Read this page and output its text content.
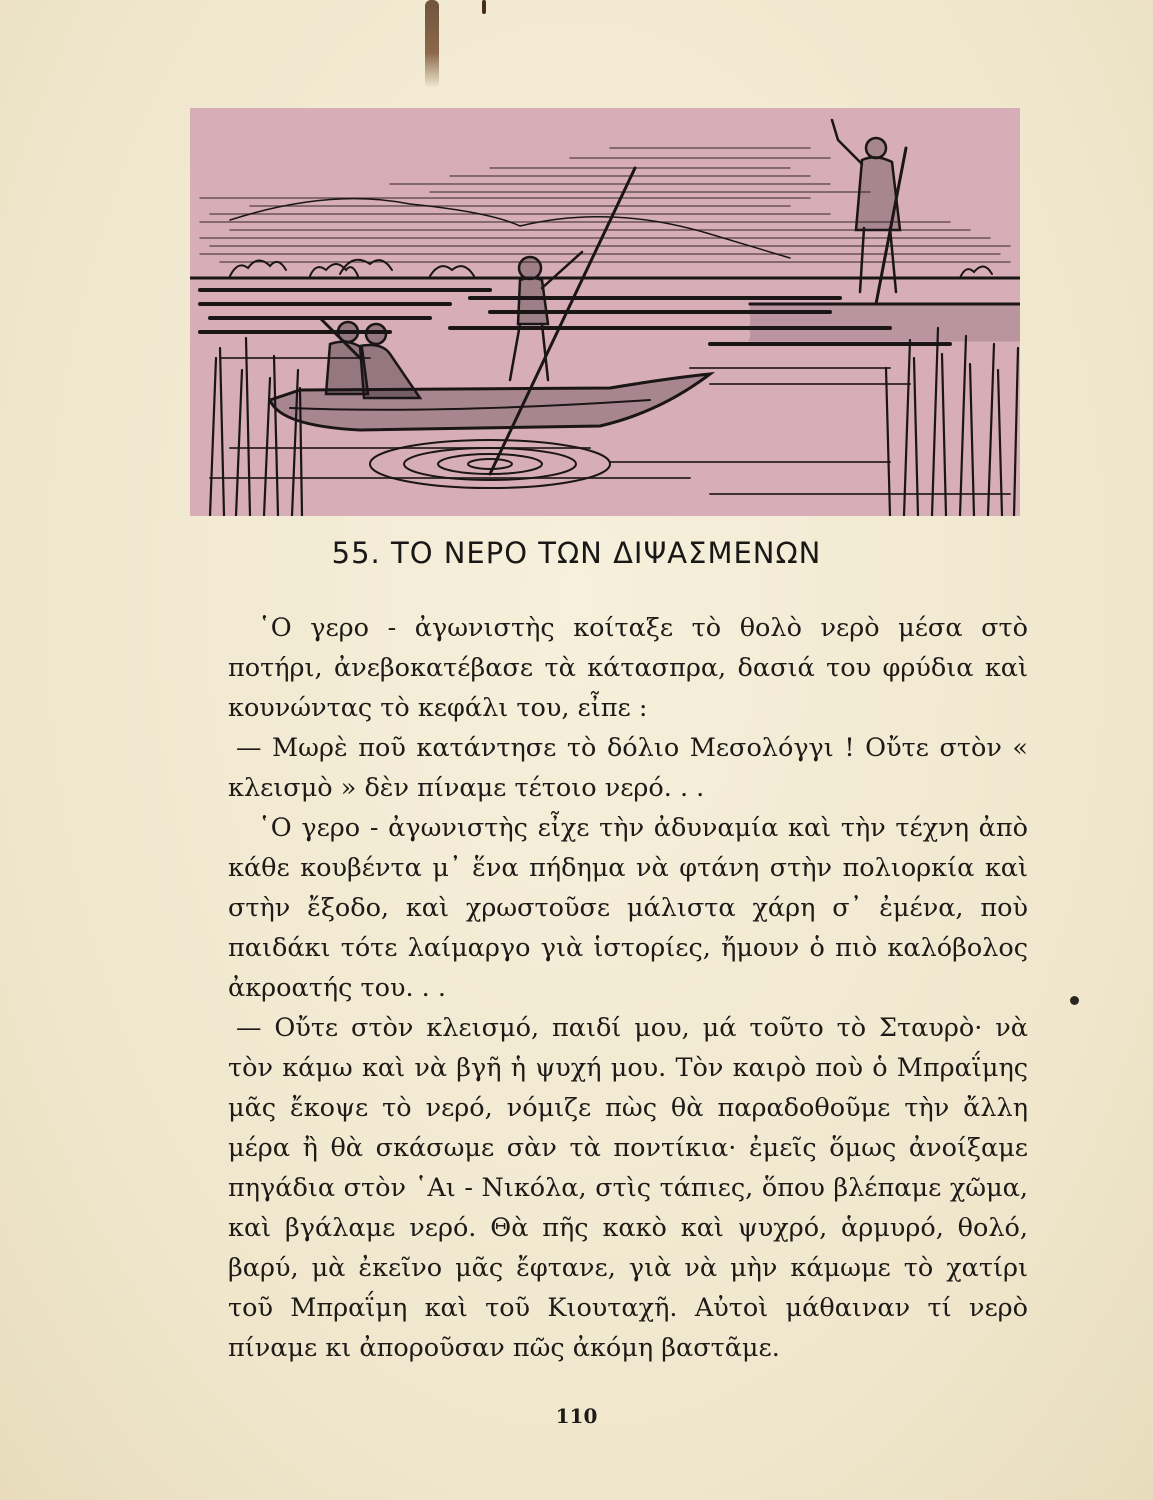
55. ΤΟ ΝΕΡΟ ΤΩΝ ΔΙΨΑΣΜΕΝΩΝ

῾Ο γερο - ἀγωνιστὴς κοίταξε τὸ θολὸ νερὸ μέσα στὸ ποτήρι, ἀνεβοκατέβασε τὰ κάτασπρα, δασιά του φρύδια καὶ κουνώντας τὸ κεφάλι του, εἶπε :

— Μωρὲ ποῦ κατάντησε τὸ δόλιο Μεσολόγγι ! Οὔτε στὸν « κλεισμὸ » δὲν πίναμε τέτοιο νερό. . .

῾Ο γερο - ἀγωνιστὴς εἶχε τὴν ἀδυναμία καὶ τὴν τέχνη ἀπὸ κάθε κουβέντα μ᾿ ἕνα πήδημα νὰ φτάνη στὴν πολιορκία καὶ στὴν ἔξοδο, καὶ χρωστοῦσε μάλιστα χάρη σ᾿ ἐμένα, ποὺ παιδάκι τότε λαίμαργο γιὰ ἱστορίες, ἤμουν ὁ πιὸ καλόβολος ἀκροατής του. . .

— Οὔτε στὸν κλεισμό, παιδί μου, μά τοῦτο τὸ Σταυρὸ· νὰ τὸν κάμω καὶ νὰ βγῆ ἡ ψυχή μου. Τὸν καιρὸ ποὺ ὁ Μπραΐμης μᾶς ἔκοψε τὸ νερό, νόμιζε πὼς θὰ παραδοθοῦμε τὴν ἄλλη μέρα ἢ θὰ σκάσωμε σὰν τὰ ποντίκια· ἐμεῖς ὅμως ἀνοίξαμε πηγάδια στὸν ῾Αι - Νικόλα, στὶς τάπιες, ὅπου βλέπαμε χῶμα, καὶ βγάλαμε νερό. Θὰ πῆς κακὸ καὶ ψυχρό, ἁρμυρό, θολό, βαρύ, μὰ ἐκεῖνο μᾶς ἔφτανε, γιὰ νὰ μὴν κάμωμε τὸ χατίρι τοῦ Μπραΐμη καὶ τοῦ Κιουταχῆ. Αὐτοὶ μάθαιναν τί νερὸ πίναμε κι ἀποροῦσαν πῶς ἀκόμη βαστᾶμε.

110
